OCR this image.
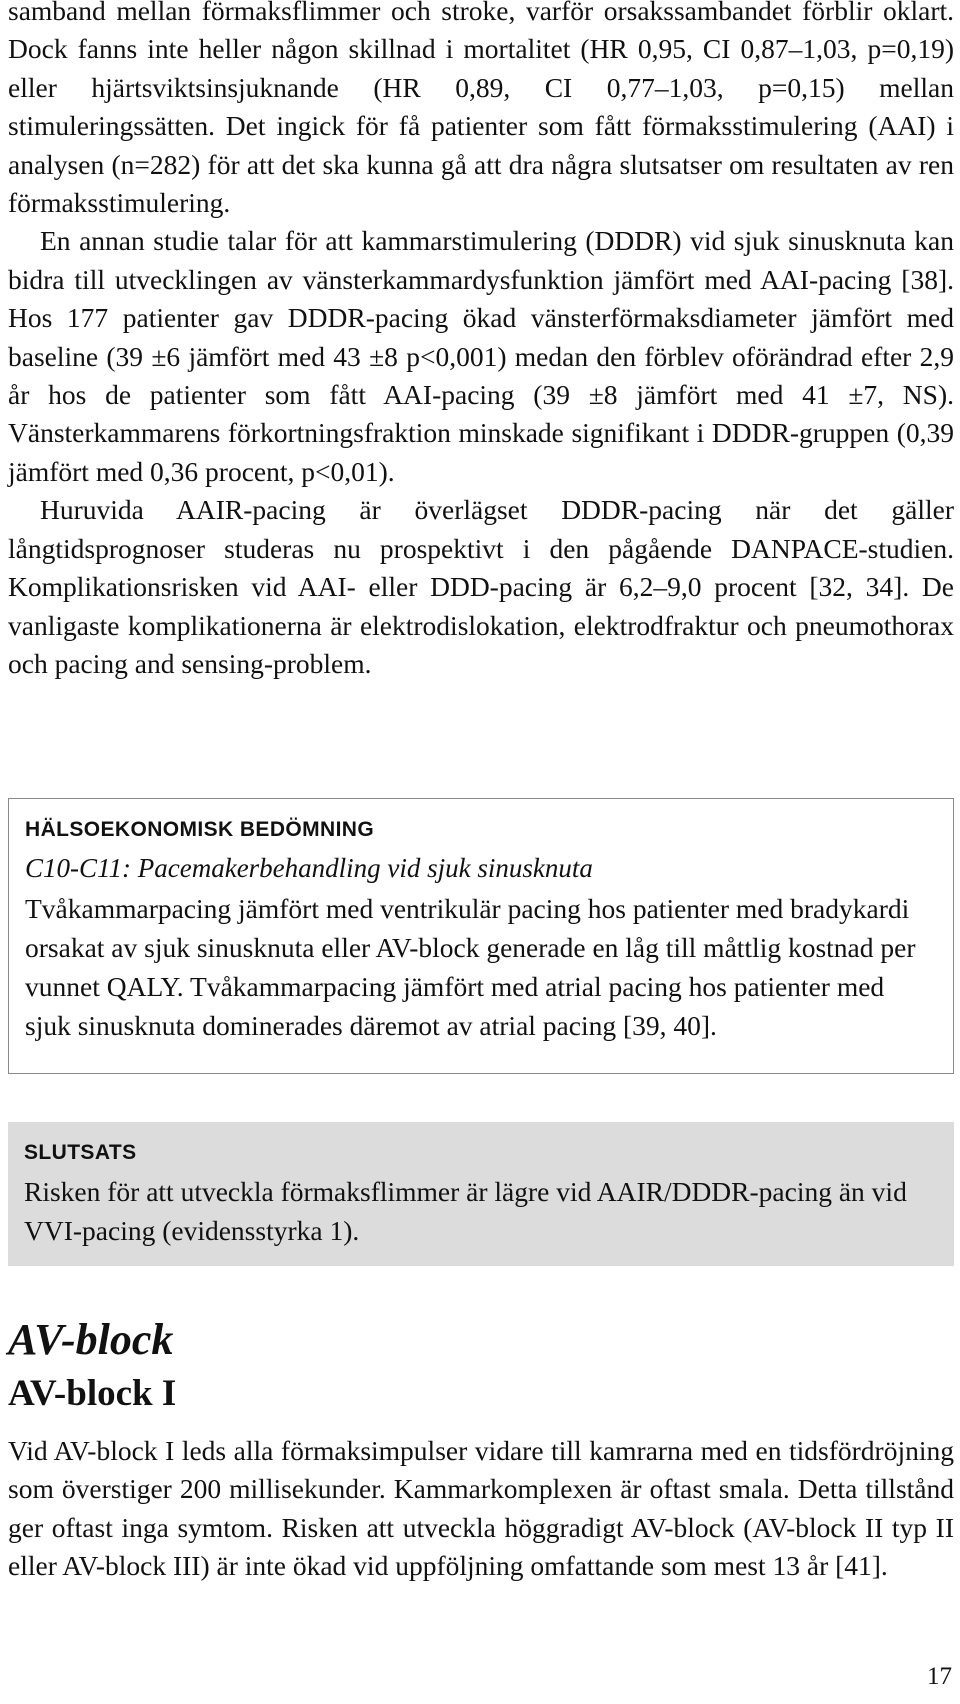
samband mellan förmaksflimmer och stroke, varför orsakssambandet förblir oklart. Dock fanns inte heller någon skillnad i mortalitet (HR 0,95, CI 0,87–1,03, p=0,19) eller hjärtsviktsinsjuknande (HR 0,89, CI 0,77–1,03, p=0,15) mellan stimuleringssätten. Det ingick för få patienter som fått förmaksstimulering (AAI) i analysen (n=282) för att det ska kunna gå att dra några slutsatser om resultaten av ren förmaksstimulering.

En annan studie talar för att kammarstimulering (DDDR) vid sjuk sinusknuta kan bidra till utvecklingen av vänsterkammardysfunktion jämfört med AAI-pacing [38]. Hos 177 patienter gav DDDR-pacing ökad vänsterförmaksdiameter jämfört med baseline (39 ±6 jämfört med 43 ±8 p<0,001) medan den förblev oförändrad efter 2,9 år hos de patienter som fått AAI-pacing (39 ±8 jämfört med 41 ±7, NS). Vänsterkammarens förkortningsfraktion minskade signifikant i DDDR-gruppen (0,39 jämfört med 0,36 procent, p<0,01).

Huruvida AAIR-pacing är överlägset DDDR-pacing när det gäller långtidsprognoser studeras nu prospektivt i den pågående DANPACE-studien. Komplikationsrisken vid AAI- eller DDD-pacing är 6,2–9,0 procent [32, 34]. De vanligaste komplikationerna är elektrodislokation, elektrodfraktur och pneumothorax och pacing and sensing-problem.

HÄLSOEKONOMISK BEDÖMNING

C10-C11: Pacemakerbehandling vid sjuk sinusknuta

Tvåkammarpacing jämfört med ventrikulär pacing hos patienter med bradykardi orsakat av sjuk sinusknuta eller AV-block generade en låg till måttlig kostnad per vunnet QALY. Tvåkammarpacing jämfört med atrial pacing hos patienter med sjuk sinusknuta dominerades däremot av atrial pacing [39, 40].

SLUTSATS

Risken för att utveckla förmaksflimmer är lägre vid AAIR/DDDR-pacing än vid VVI-pacing (evidensstyrka 1).

AV-block
AV-block I

Vid AV-block I leds alla förmaksimpulser vidare till kamrarna med en tidsfördröjning som överstiger 200 millisekunder. Kammarkomplexen är oftast smala. Detta tillstånd ger oftast inga symtom. Risken att utveckla höggradigt AV-block (AV-block II typ II eller AV-block III) är inte ökad vid uppföljning omfattande som mest 13 år [41].

17
